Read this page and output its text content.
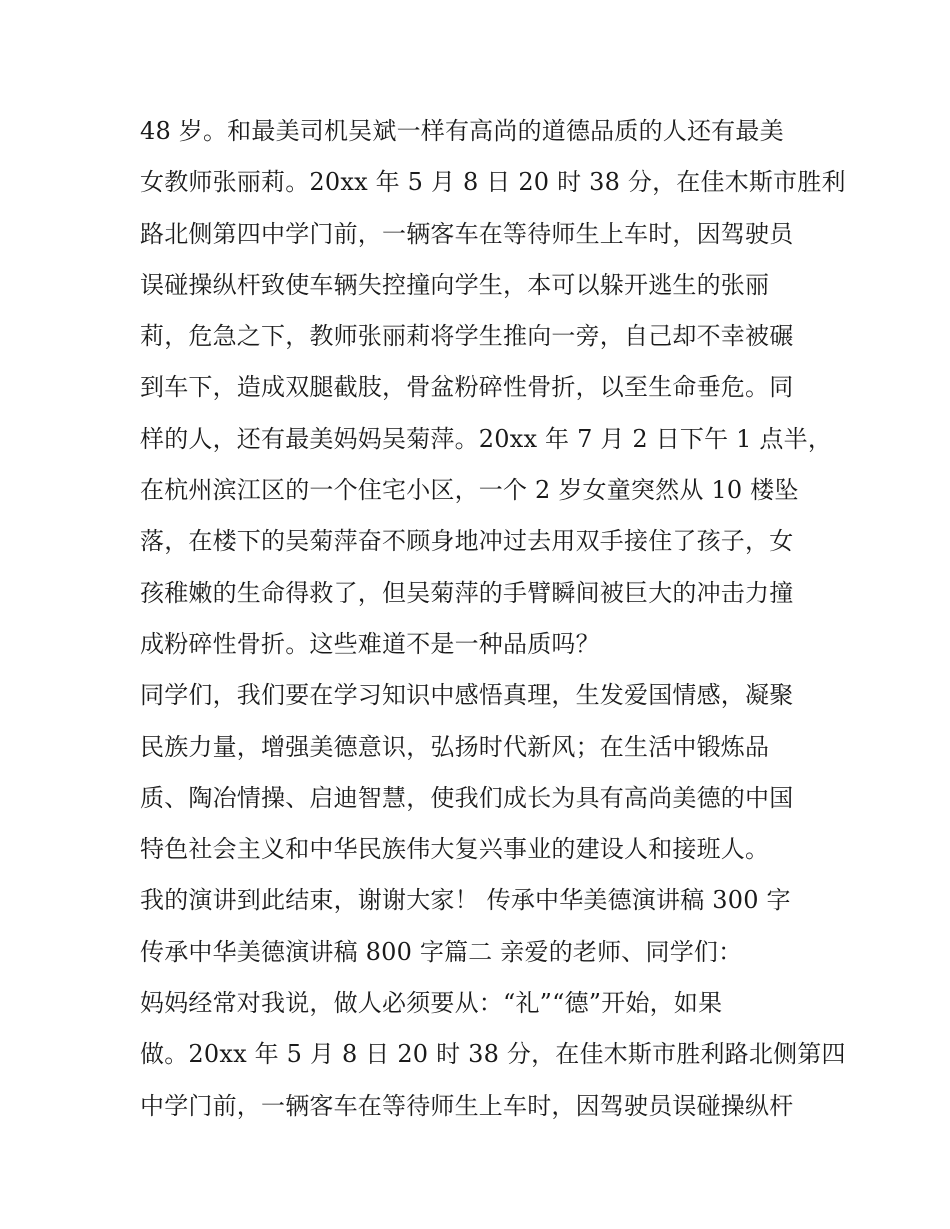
48 岁。和最美司机吴斌一样有高尚的道德品质的人还有最美
女教师张丽莉。20xx 年 5 月 8 日 20 时 38 分，在佳木斯市胜利
路北侧第四中学门前，一辆客车在等待师生上车时，因驾驶员
误碰操纵杆致使车辆失控撞向学生，本可以躲开逃生的张丽
莉，危急之下，教师张丽莉将学生推向一旁，自己却不幸被碾
到车下，造成双腿截肢，骨盆粉碎性骨折，以至生命垂危。同
样的人，还有最美妈妈吴菊萍。20xx 年 7 月 2 日下午 1 点半，
在杭州滨江区的一个住宅小区，一个 2 岁女童突然从 10 楼坠
落，在楼下的吴菊萍奋不顾身地冲过去用双手接住了孩子，女
孩稚嫩的生命得救了，但吴菊萍的手臂瞬间被巨大的冲击力撞
成粉碎性骨折。这些难道不是一种品质吗？
同学们，我们要在学习知识中感悟真理，生发爱国情感，凝聚
民族力量，增强美德意识，弘扬时代新风；在生活中锻炼品
质、陶冶情操、启迪智慧，使我们成长为具有高尚美德的中国
特色社会主义和中华民族伟大复兴事业的建设人和接班人。
我的演讲到此结束，谢谢大家！ 传承中华美德演讲稿 300 字
传承中华美德演讲稿 800 字篇二 亲爱的老师、同学们：
妈妈经常对我说，做人必须要从：“礼”“德”开始，如果
做。20xx 年 5 月 8 日 20 时 38 分，在佳木斯市胜利路北侧第四
中学门前，一辆客车在等待师生上车时，因驾驶员误碰操纵杆
